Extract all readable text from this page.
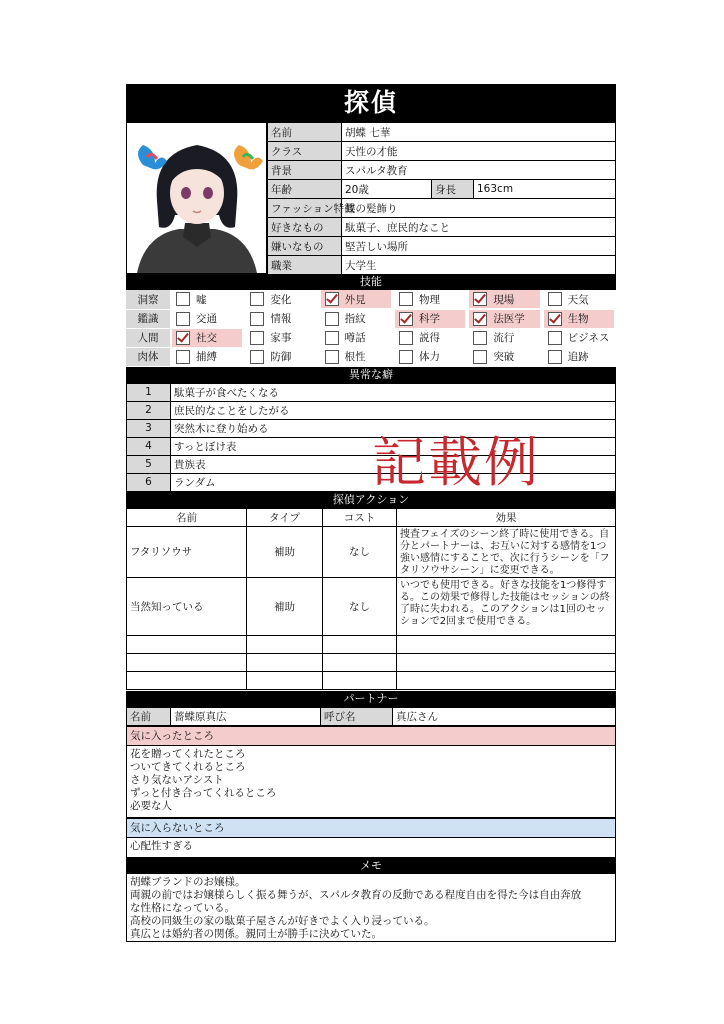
探偵
名前	胡蝶 七華		
クラス	天性の才能		
背景	スパルタ教育		
年齢	20歳	身長	163cm
ファッション特徴	蝶の髪飾り		
好きなもの	駄菓子、庶民的なこと		
嫌いなもの	堅苦しい場所		
職業	大学生		
技能
洞察	嘘	変化	外見	物理	現場	天気

鑑識	交通	情報	指紋	科学	法医学	生物

人間	社交	家事	噂話	説得	流行	ビジネス

肉体	捕縛	防御	根性	体力	突破	追跡
異常な癖
1	駄菓子が食べたくなる
2	庶民的なことをしたがる
3	突然木に登り始める
4	すっとぼけ表
5	貴族表
6	ランダム
探偵アクション
名前	タイプ	コスト	効果
フタリソウサ	補助	なし	捜査フェイズのシーン終了時に使用できる。自分とパートナーは、お互いに対する感情を1つ強い感情にすることで、次に行うシーンを「フタリソウサシーン」に変更できる。
当然知っている	補助	なし	いつでも使用できる。好きな技能を1つ修得する。この効果で修得した技能はセッションの終了時に失われる。このアクションは1回のセッションで2回まで使用できる。

パートナー
名前	薔蝶原真広	呼び名	真広さん
気に入ったところ
花を贈ってくれたところ
ついてきてくれるところ
さり気ないアシスト
ずっと付き合ってくれるところ
必要な人
気に入らないところ
心配性すぎる
メモ
胡蝶ブランドのお嬢様。
両親の前ではお嬢様らしく振る舞うが、スパルタ教育の反動である程度自由を得た今は自由奔放
な性格になっている。
高校の同級生の家の駄菓子屋さんが好きでよく入り浸っている。
真広とは婚約者の関係。親同士が勝手に決めていた。
記載例
